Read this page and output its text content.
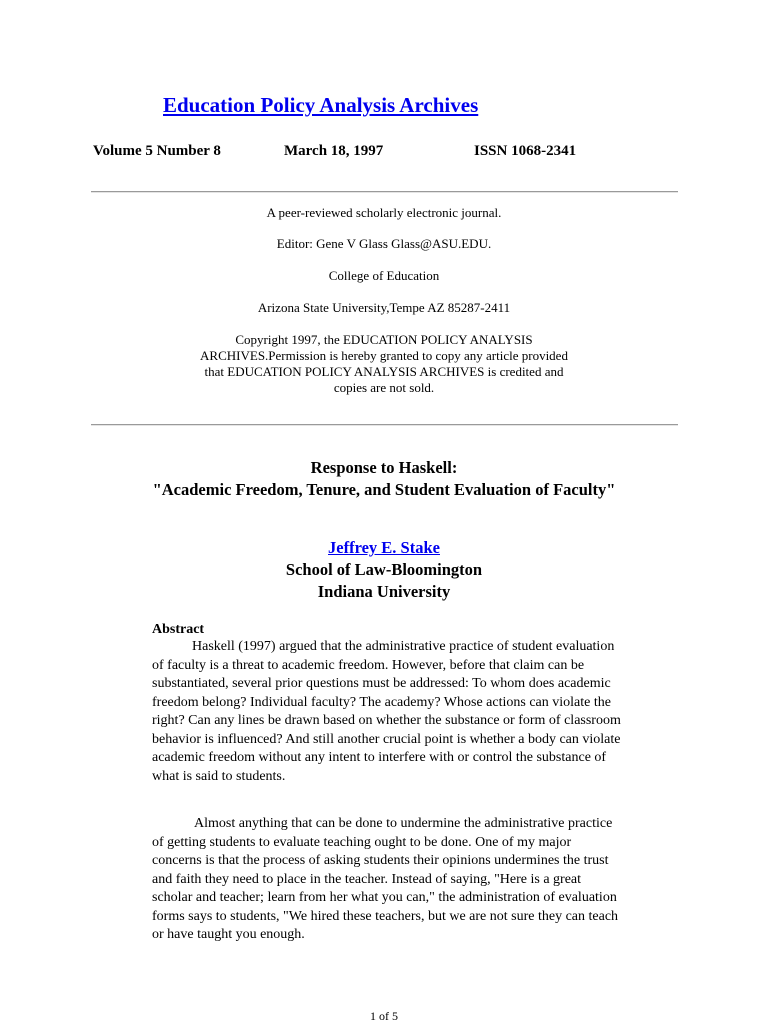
Education Policy Analysis Archives
Volume 5 Number 8	March 18, 1997	ISSN 1068-2341
A peer-reviewed scholarly electronic journal.
Editor: Gene V Glass Glass@ASU.EDU.
College of Education
Arizona State University,Tempe AZ 85287-2411
Copyright 1997, the EDUCATION POLICY ANALYSIS ARCHIVES.Permission is hereby granted to copy any article provided that EDUCATION POLICY ANALYSIS ARCHIVES is credited and copies are not sold.
Response to Haskell:
"Academic Freedom, Tenure, and Student Evaluation of Faculty"
Jeffrey E. Stake
School of Law-Bloomington
Indiana University
Abstract

Haskell (1997) argued that the administrative practice of student evaluation of faculty is a threat to academic freedom. However, before that claim can be substantiated, several prior questions must be addressed: To whom does academic freedom belong? Individual faculty? The academy? Whose actions can violate the right? Can any lines be drawn based on whether the substance or form of classroom behavior is influenced? And still another crucial point is whether a body can violate academic freedom without any intent to interfere with or control the substance of what is said to students.

Almost anything that can be done to undermine the administrative practice of getting students to evaluate teaching ought to be done. One of my major concerns is that the process of asking students their opinions undermines the trust and faith they need to place in the teacher. Instead of saying, "Here is a great scholar and teacher; learn from her what you can," the administration of evaluation forms says to students, "We hired these teachers, but we are not sure they can teach or have taught you enough.

1 of 5
